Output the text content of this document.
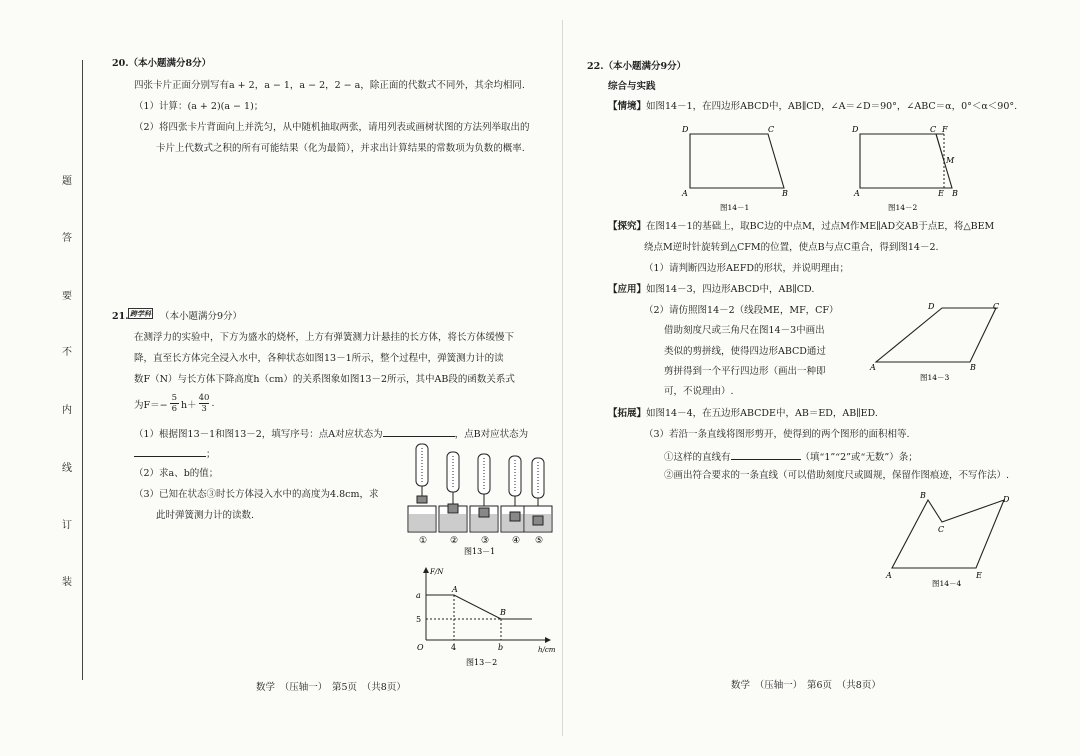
题
答
要
不
内
线
订
装
20.（本小题满分8分）
四张卡片正面分别写有a + 2，a − 1，a − 2，2 − a，除正面的代数式不同外，其余均相同.
（1）计算：(a + 2)(a − 1)；
（2）将四张卡片背面向上并洗匀，从中随机抽取两张，请用列表或画树状图的方法列举取出的
卡片上代数式之积的所有可能结果（化为最简），并求出计算结果的常数项为负数的概率.
21. 跨学科 （本小题满分9分）
在测浮力的实验中，下方为盛水的烧杯，上方有弹簧测力计悬挂的长方体，将长方体缓慢下
降，直至长方体完全浸入水中，各种状态如图13－1所示，整个过程中，弹簧测力计的读
数F（N）与长方体下降高度h（cm）的关系图象如图13－2所示，其中AB段的函数关系式
为$F=- \frac{5}{6} h+ \frac{40}{3}$ .
（1）根据图13－1和图13－2，填写序号：点A对应状态为	，点B对应状态为
；
（2）求a、b的值；
（3）已知在状态③时长方体浸入水中的高度为4.8cm，求
此时弹簧测力计的读数.
①	②	③	④ ⑤
图13－1
F/N
h/cm
O
a
5
4	b
A
B
图13－2
数学　（压轴一）　第5页　（共8页）
22.（本小题满分9分）
综合与实践
【情境】如图14－1，在四边形ABCD中，AB∥CD，∠A＝∠D＝90°，∠ABC＝α，0°＜α＜90°.
D	C
A	B
图14－1
D	C F
M
A	E B
图14－2
【探究】在图14－1的基础上，取BC边的中点M，过点M作ME∥AD交AB于点E，将△BEM
绕点M逆时针旋转到△CFM的位置，使点B与点C重合，得到图14－2.
（1）请判断四边形AEFD的形状，并说明理由；
【应用】如图14－3，四边形ABCD中，AB∥CD.
（2）请仿照图14－2（线段ME，MF，CF）
借助刻度尺或三角尺在图14－3中画出
类似的剪拼线，使得四边形ABCD通过
剪拼得到一个平行四边形（画出一种即
可，不说理由）.
D	C
A	B
图14－3
【拓展】如图14－4，在五边形ABCDE中，AB＝ED，AB∥ED.
（3）若沿一条直线将图形剪开，使得到的两个图形的面积相等.
①这样的直线有	（填“1”“2”或“无数”）条；
②画出符合要求的一条直线（可以借助刻度尺或圆规，保留作图痕迹，不写作法）.
B
C
D
A	E
图14－4
数学　（压轴一）　第6页　（共8页）
